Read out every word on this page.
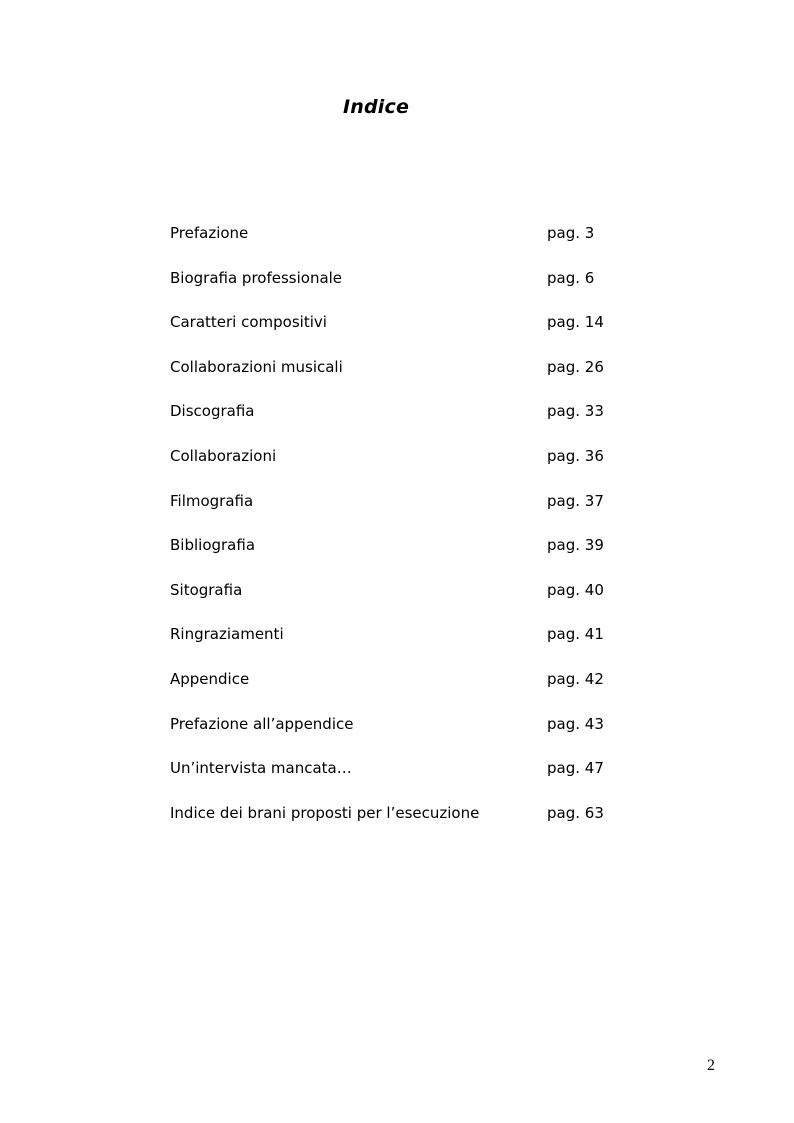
Indice
Prefazione	pag. 3
Biografia professionale	pag. 6
Caratteri compositivi	pag. 14
Collaborazioni musicali	pag. 26
Discografia	pag. 33
Collaborazioni	pag. 36
Filmografia	pag. 37
Bibliografia	pag. 39
Sitografia	pag. 40
Ringraziamenti	pag. 41
Appendice	pag. 42
Prefazione all’appendice	pag. 43
Un’intervista mancata…	pag. 47
Indice dei brani proposti per l’esecuzione	pag. 63
2
